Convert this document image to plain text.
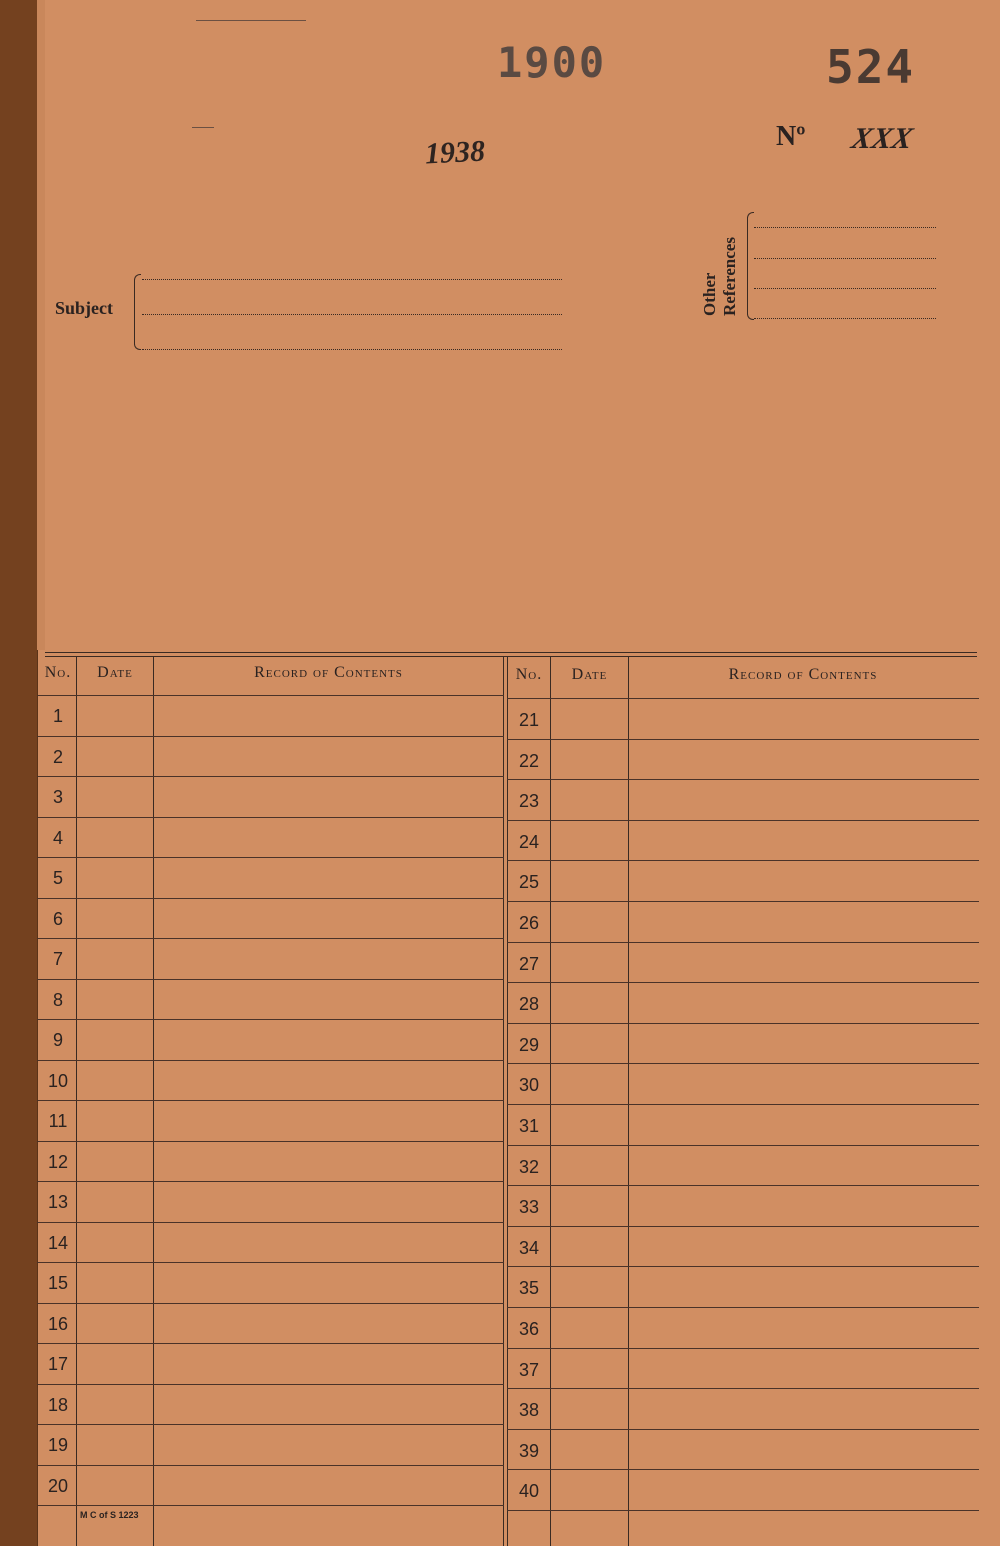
1900	524
1938	Nº XXX
Subject	Other
References
No.	Date	Record of Contents	No.	Date	Record of Contents
M C of S 1223
1	21
2	22
3	23
4	24
5	25
6	26
7	27
8	28
9	29
10	30
11	31
12	32
13	33
14	34
15	35
16	36
17	37
18	38
19	39
20	40
